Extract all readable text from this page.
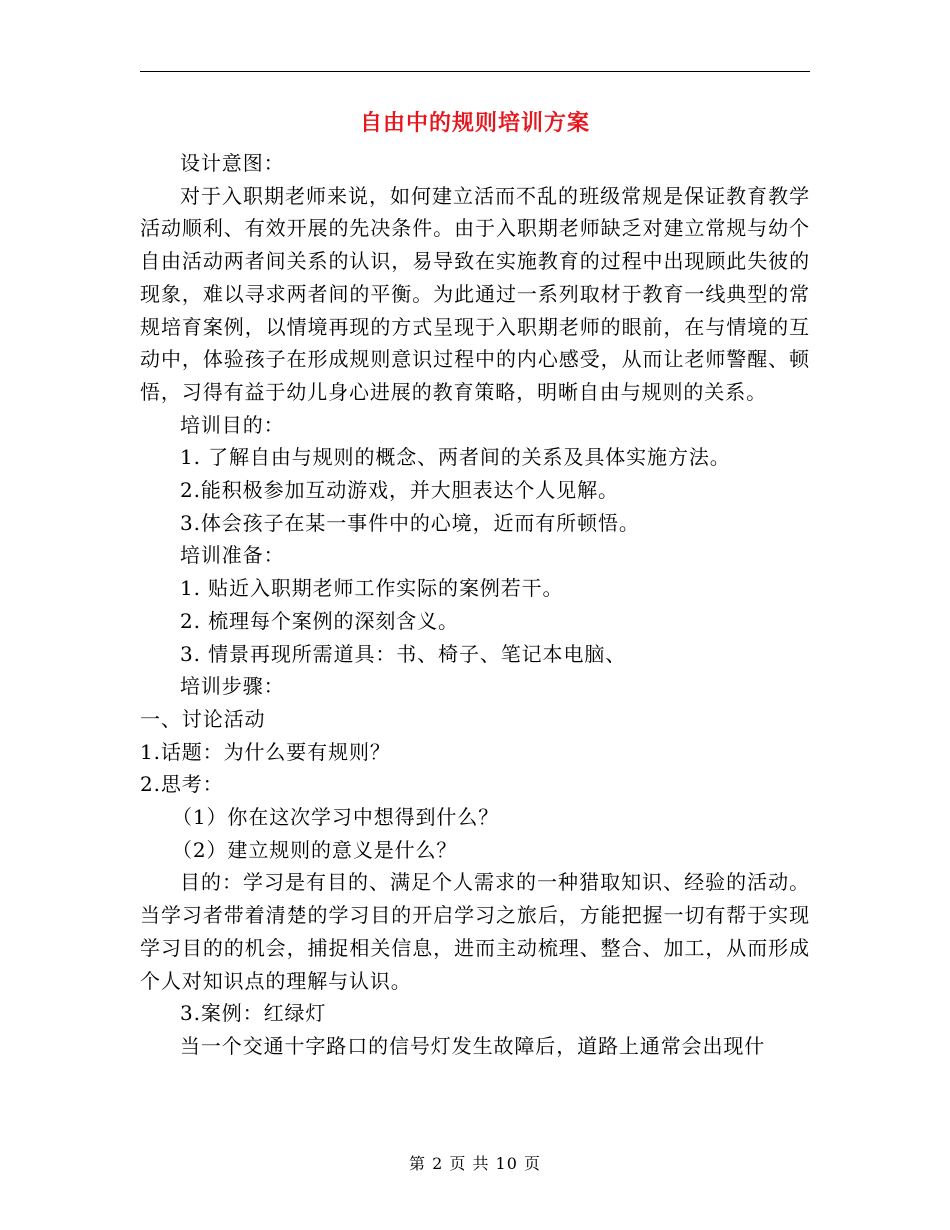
自由中的规则培训方案

设计意图：

对于入职期老师来说，如何建立活而不乱的班级常规是保证教育教学活动顺利、有效开展的先决条件。由于入职期老师缺乏对建立常规与幼个自由活动两者间关系的认识，易导致在实施教育的过程中出现顾此失彼的现象，难以寻求两者间的平衡。为此通过一系列取材于教育一线典型的常规培育案例，以情境再现的方式呈现于入职期老师的眼前，在与情境的互动中，体验孩子在形成规则意识过程中的内心感受，从而让老师警醒、顿悟，习得有益于幼儿身心进展的教育策略，明晰自由与规则的关系。

培训目的：

1. 了解自由与规则的概念、两者间的关系及具体实施方法。

2.能积极参加互动游戏，并大胆表达个人见解。

3.体会孩子在某一事件中的心境，近而有所顿悟。

培训准备：

1. 贴近入职期老师工作实际的案例若干。

2. 梳理每个案例的深刻含义。

3. 情景再现所需道具：书、椅子、笔记本电脑、

培训步骤：

一、讨论活动

1.话题：为什么要有规则？

2.思考：

（1）你在这次学习中想得到什么？

（2）建立规则的意义是什么？

目的：学习是有目的、满足个人需求的一种猎取知识、经验的活动。当学习者带着清楚的学习目的开启学习之旅后，方能把握一切有帮于实现学习目的的机会，捕捉相关信息，进而主动梳理、整合、加工，从而形成个人对知识点的理解与认识。

3.案例：红绿灯

当一个交通十字路口的信号灯发生故障后，道路上通常会出现什

第 2 页 共 10 页
